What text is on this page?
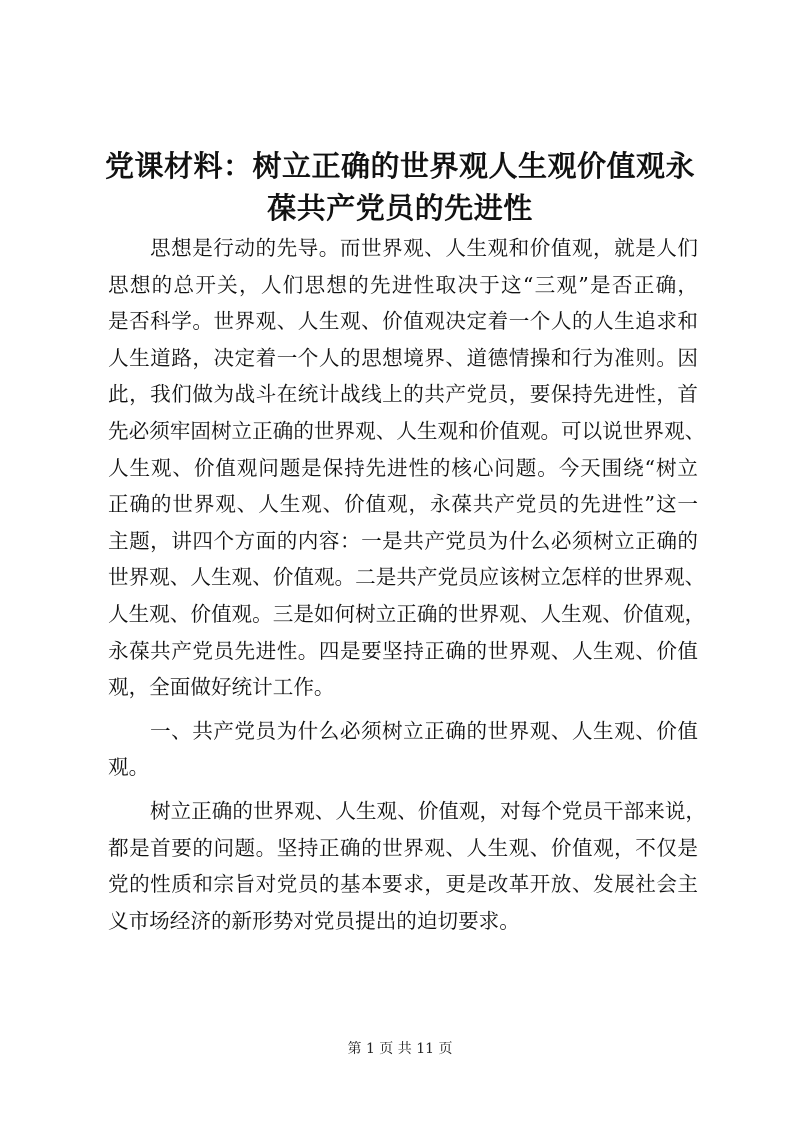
党课材料：树立正确的世界观人生观价值观永
葆共产党员的先进性

思想是行动的先导。而世界观、人生观和价值观，就是人们
思想的总开关，人们思想的先进性取决于这“三观”是否正确，
是否科学。世界观、人生观、价值观决定着一个人的人生追求和
人生道路，决定着一个人的思想境界、道德情操和行为准则。因
此，我们做为战斗在统计战线上的共产党员，要保持先进性，首
先必须牢固树立正确的世界观、人生观和价值观。可以说世界观、
人生观、价值观问题是保持先进性的核心问题。今天围绕“树立
正确的世界观、人生观、价值观，永葆共产党员的先进性”这一
主题，讲四个方面的内容：一是共产党员为什么必须树立正确的
世界观、人生观、价值观。二是共产党员应该树立怎样的世界观、
人生观、价值观。三是如何树立正确的世界观、人生观、价值观，
永葆共产党员先进性。四是要坚持正确的世界观、人生观、价值
观，全面做好统计工作。

一、共产党员为什么必须树立正确的世界观、人生观、价值
观。

树立正确的世界观、人生观、价值观，对每个党员干部来说，
都是首要的问题。坚持正确的世界观、人生观、价值观，不仅是
党的性质和宗旨对党员的基本要求，更是改革开放、发展社会主
义市场经济的新形势对党员提出的迫切要求。

第 1 页 共 11 页
